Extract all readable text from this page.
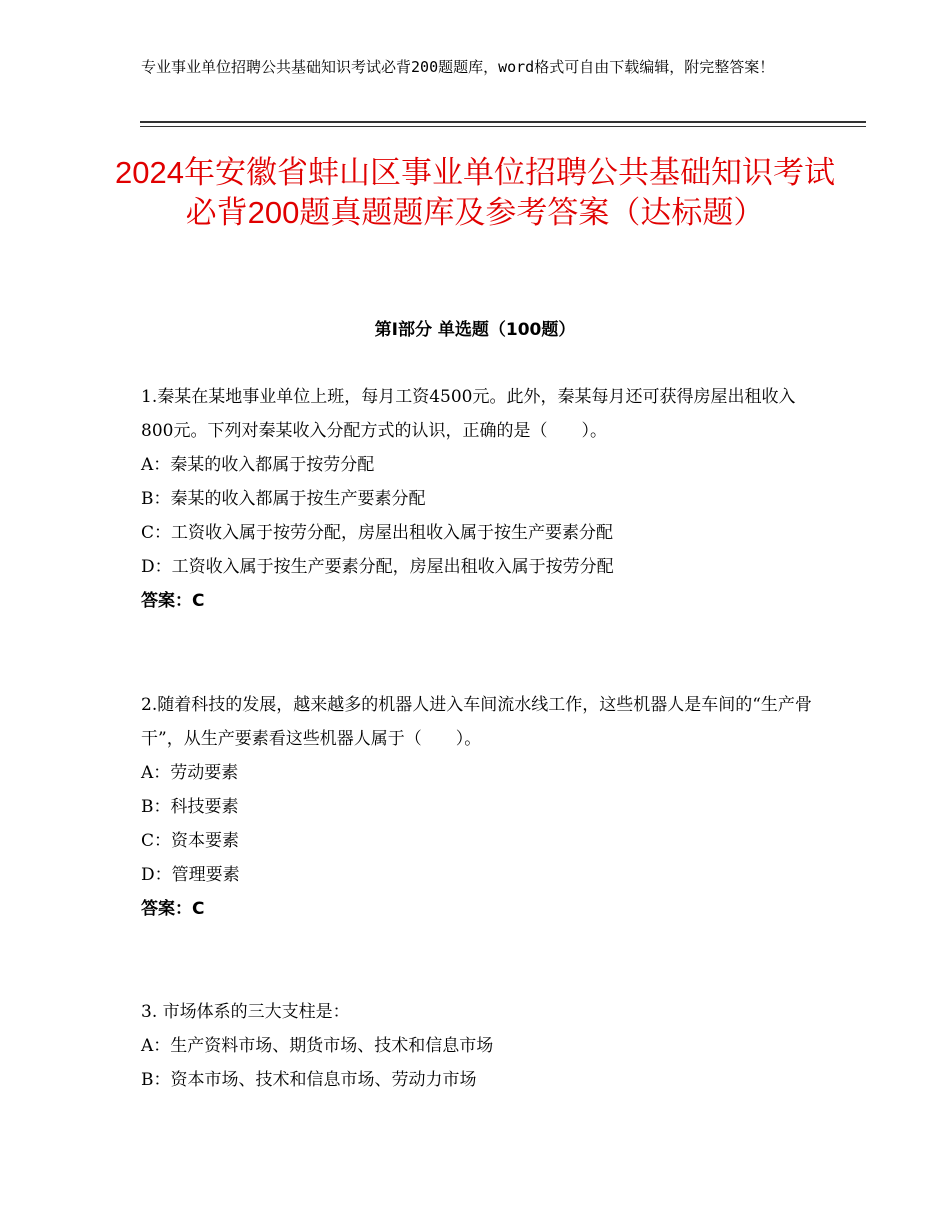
专业事业单位招聘公共基础知识考试必背200题题库，word格式可自由下载编辑，附完整答案！
2024年安徽省蚌山区事业单位招聘公共基础知识考试必背200题真题题库及参考答案（达标题）
第Ⅰ部分 单选题（100题）

1.秦某在某地事业单位上班，每月工资4500元。此外，秦某每月还可获得房屋出租收入800元。下列对秦某收入分配方式的认识，正确的是（　　）。

A：秦某的收入都属于按劳分配

B：秦某的收入都属于按生产要素分配

C：工资收入属于按劳分配，房屋出租收入属于按生产要素分配

D：工资收入属于按生产要素分配，房屋出租收入属于按劳分配

答案：C

2.随着科技的发展，越来越多的机器人进入车间流水线工作，这些机器人是车间的“生产骨干”，从生产要素看这些机器人属于（　　）。

A：劳动要素

B：科技要素

C：资本要素

D：管理要素

答案：C

3. 市场体系的三大支柱是：

A：生产资料市场、期货市场、技术和信息市场

B：资本市场、技术和信息市场、劳动力市场
